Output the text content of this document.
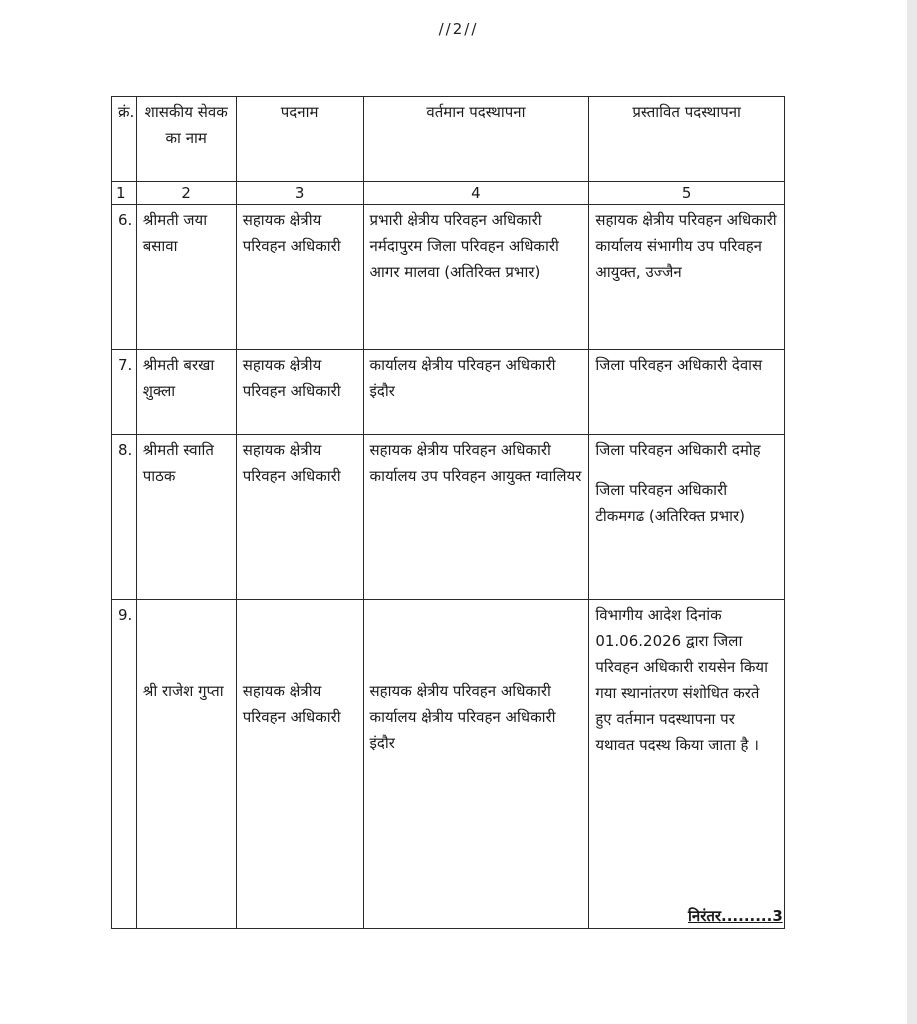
//2//
क्रं.	शासकीय सेवक का नाम	पदनाम	वर्तमान पदस्थापना	प्रस्तावित पदस्थापना
1	2	3	4	5
6.	श्रीमती जया बसावा	सहायक क्षेत्रीय परिवहन अधिकारी	प्रभारी क्षेत्रीय परिवहन अधिकारी नर्मदापुरम जिला परिवहन अधिकारी आगर मालवा (अतिरिक्त प्रभार)	सहायक क्षेत्रीय परिवहन अधिकारी कार्यालय संभागीय उप परिवहन आयुक्त, उज्जैन

7.	श्रीमती बरखा शुक्ला	सहायक क्षेत्रीय परिवहन अधिकारी	कार्यालय क्षेत्रीय परिवहन अधिकारी इंदौर	जिला परिवहन अधिकारी देवास

8.	श्रीमती स्वाति पाठक	सहायक क्षेत्रीय परिवहन अधिकारी	सहायक क्षेत्रीय परिवहन अधिकारी कार्यालय उप परिवहन आयुक्त ग्वालियर	जिला परिवहन अधिकारी दमोह
जिला परिवहन अधिकारी टीकमगढ (अतिरिक्त प्रभार)

9.	श्री राजेश गुप्ता	सहायक क्षेत्रीय परिवहन अधिकारी	सहायक क्षेत्रीय परिवहन अधिकारी कार्यालय क्षेत्रीय परिवहन अधिकारी इंदौर	विभागीय आदेश दिनांक 01.06.2026 द्वारा जिला परिवहन अधिकारी रायसेन किया गया स्थानांतरण संशोधित करते हुए वर्तमान पदस्थापना पर यथावत पदस्थ किया जाता है ।
निरंतर.........3
